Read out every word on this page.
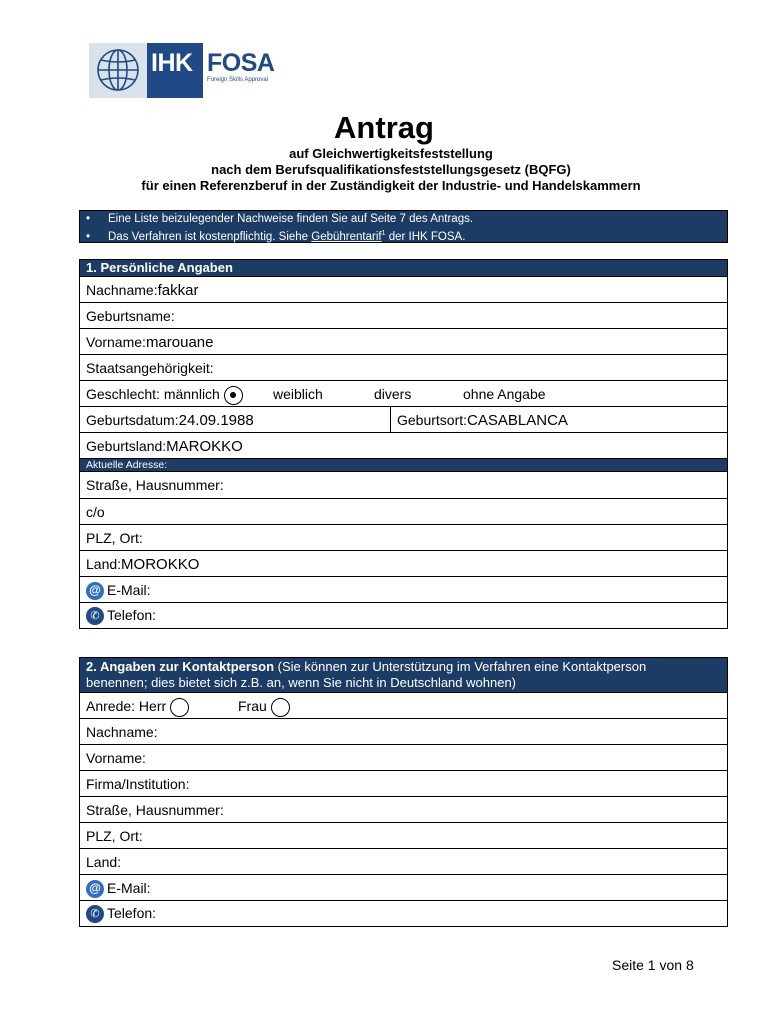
IHK FOSA
Foreign Skills Approval
Antrag
auf Gleichwertigkeitsfeststellung
nach dem Berufsqualifikationsfeststellungsgesetz (BQFG)
für einen Referenzberuf in der Zuständigkeit der Industrie- und Handelskammern
• Eine Liste beizulegender Nachweise finden Sie auf Seite 7 des Antrags.
• Das Verfahren ist kostenpflichtig. Siehe Gebührentarif$^1$ der IHK FOSA.
1. Persönliche Angaben
Nachname:fakkar
Geburtsname:
Vorname:marouane
Staatsangehörigkeit:
Geschlecht: männlich	weiblich	divers	ohne Angabe
Geburtsdatum:24.09.1988	Geburtsort:CASABLANCA
Geburtsland:MAROKKO
Aktuelle Adresse:
Straße, Hausnummer:
c/o
PLZ, Ort:
Land:MOROKKO
@ E-Mail:
✆ Telefon:
2. Angaben zur Kontaktperson (Sie können zur Unterstützung im Verfahren eine Kontaktperson
benennen; dies bietet sich z.B. an, wenn Sie nicht in Deutschland wohnen)
Anrede: Herr	Frau
Nachname:
Vorname:
Firma/Institution:
Straße, Hausnummer:
PLZ, Ort:
Land:
@ E-Mail:
✆ Telefon:
Seite 1 von 8
